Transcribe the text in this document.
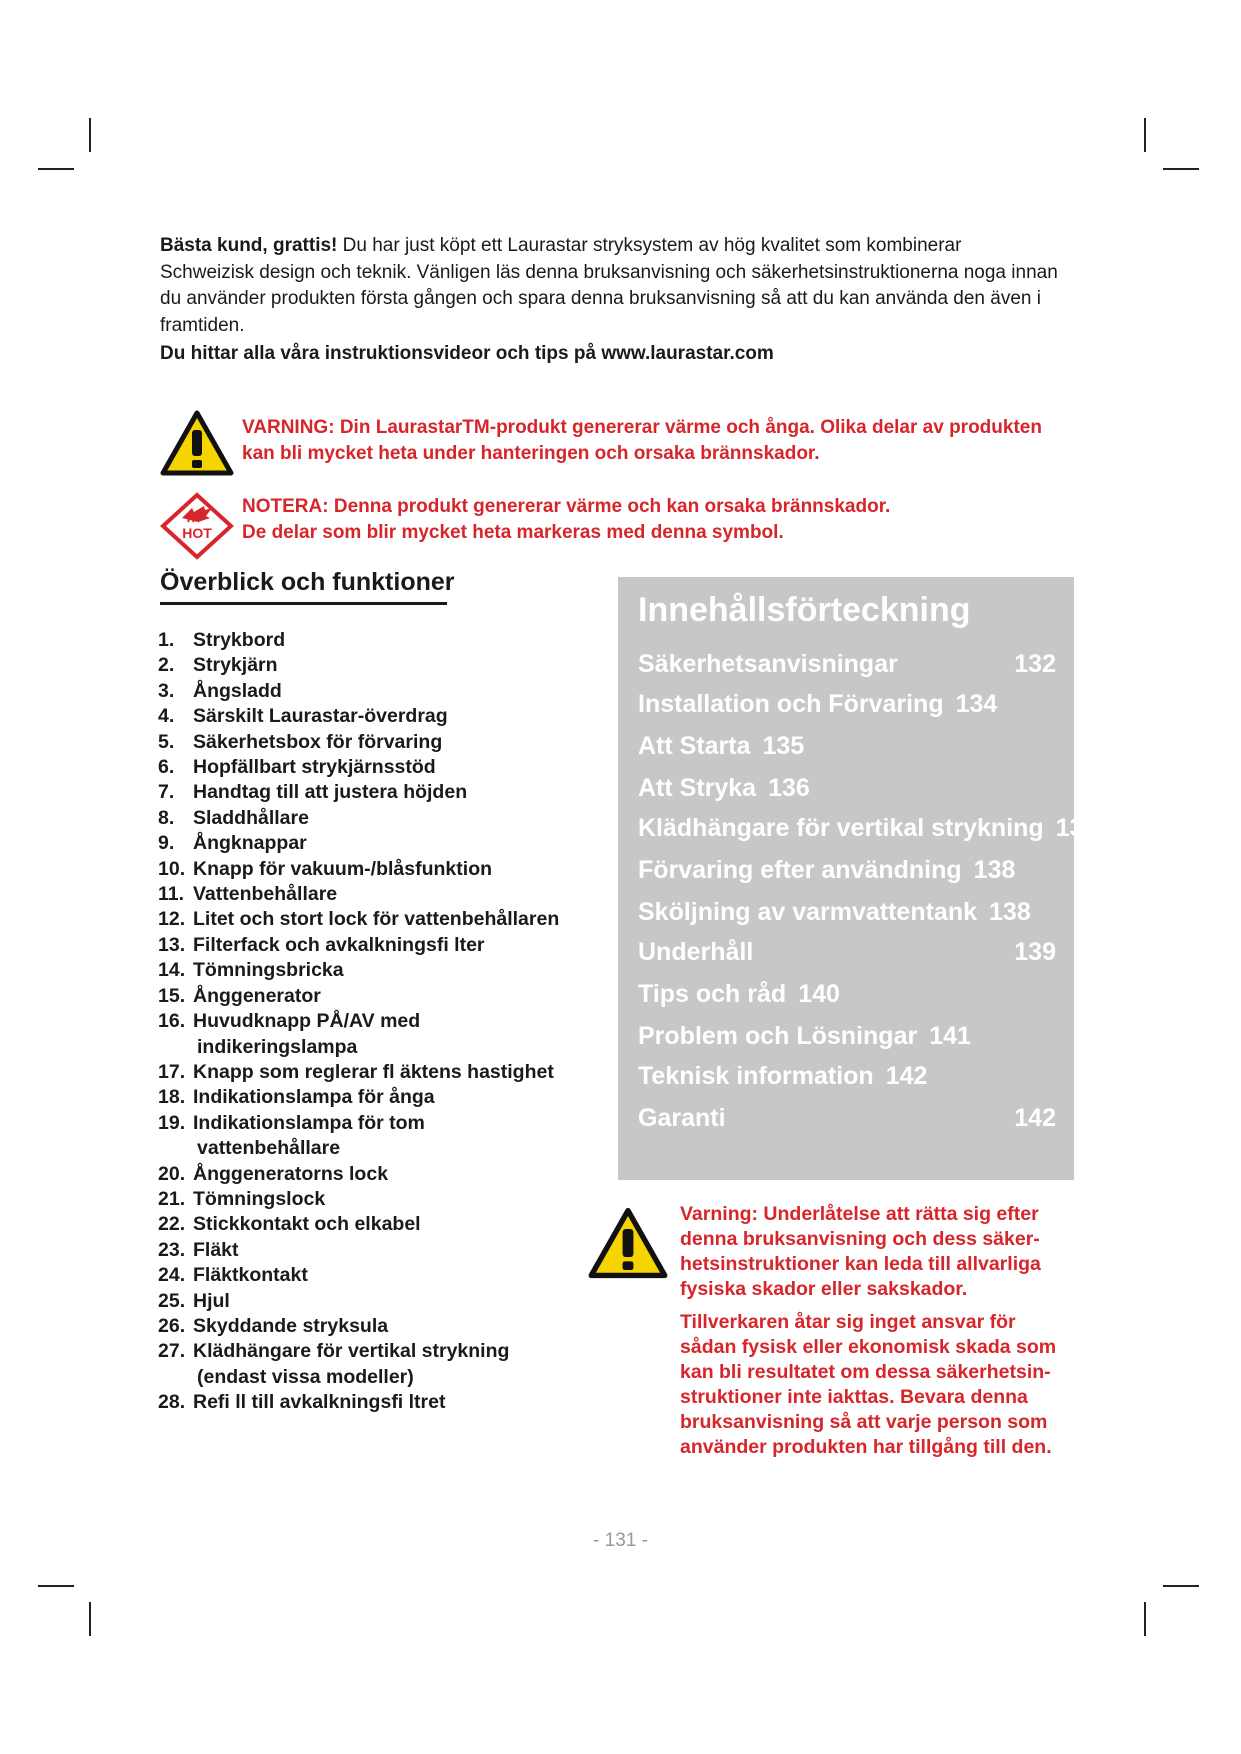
Bästa kund, grattis! Du har just köpt ett Laurastar stryksystem av hög kvalitet som kombinerar Schweizisk design och teknik. Vänligen läs denna bruksanvisning och säkerhetsinstruktionerna noga innan du använder produkten första gången och spara denna bruksanvisning så att du kan använda den även i framtiden.
Du hittar alla våra instruktionsvideor och tips på www.laurastar.com
VARNING: Din LaurastarTM-produkt genererar värme och ånga. Olika delar av produkten kan bli mycket heta under hanteringen och orsaka brännskador.
HOT
NOTERA: Denna produkt genererar värme och kan orsaka brännskador.
De delar som blir mycket heta markeras med denna symbol.
Överblick och funktioner
1. Strykbord
2. Strykjärn
3. Ångsladd
4. Särskilt Laurastar-överdrag
5. Säkerhetsbox för förvaring
6. Hopfällbart strykjärnsstöd
7. Handtag till att justera höjden
8. Sladdhållare
9. Ångknappar
10. Knapp för vakuum-/blåsfunktion
11. Vattenbehållare
12. Litet och stort lock för vattenbehållaren
13. Filterfack och avkalkningsfi lter
14. Tömningsbricka
15. Ånggenerator
16. Huvudknapp PÅ/AV med
indikeringslampa
17. Knapp som reglerar fl äktens hastighet
18. Indikationslampa för ånga
19. Indikationslampa för tom
vattenbehållare
20. Ånggeneratorns lock
21. Tömningslock
22. Stickkontakt och elkabel
23. Fläkt
24. Fläktkontakt
25. Hjul
26. Skyddande stryksula
27. Klädhängare för vertikal strykning
(endast vissa modeller)
28. Refi ll till avkalkningsfi ltret
Innehållsförteckning
Säkerhetsanvisningar	132
Installation och Förvaring 134
Att Starta 135
Att Stryka 136
Klädhängare för vertikal strykning 137
Förvaring efter användning 138
Sköljning av varmvattentank 138
Underhåll	139
Tips och råd 140
Problem och Lösningar 141
Teknisk information 142
Garanti	142

Varning: Underlåtelse att rätta sig efter denna bruksanvisning och dess säker-hetsinstruktioner kan leda till allvarliga fysiska skador eller sakskador.

Tillverkaren åtar sig inget ansvar för sådan fysisk eller ekonomisk skada som kan bli resultatet om dessa säkerhetsin-struktioner inte iakttas. Bevara denna bruksanvisning så att varje person som använder produkten har tillgång till den.

- 131 -
